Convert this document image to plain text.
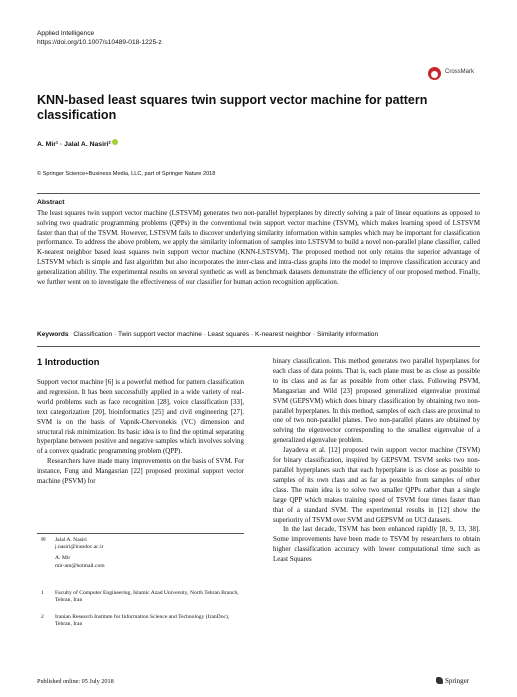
Applied Intelligence
https://doi.org/10.1007/s10489-018-1225-z
CrossMark
KNN-based least squares twin support vector machine for pattern classification
A. Mir¹ · Jalal A. Nasiri²
© Springer Science+Business Media, LLC, part of Springer Nature 2018
Abstract
The least squares twin support vector machine (LSTSVM) generates two non-parallel hyperplanes by directly solving a pair of linear equations as opposed to solving two quadratic programming problems (QPPs) in the conventional twin support vector machine (TSVM), which makes learning speed of LSTSVM faster than that of the TSVM. However, LSTSVM fails to discover underlying similarity information within samples which may be important for classification performance. To address the above problem, we apply the similarity information of samples into LSTSVM to build a novel non-parallel plane classifier, called K-nearest neighbor based least squares twin support vector machine (KNN-LSTSVM). The proposed method not only retains the superior advantage of LSTSVM which is simple and fast algorithm but also incorporates the inter-class and intra-class graphs into the model to improve classification accuracy and generalization ability. The experimental results on several synthetic as well as benchmark datasets demonstrate the efficiency of our proposed method. Finally, we further went on to investigate the effectiveness of our classifier for human action recognition application.
Keywords Classification · Twin support vector machine · Least squares · K-nearest neighbor · Similarity information
1 Introduction

Support vector machine [6] is a powerful method for pattern classification and regression. It has been successfully applied in a wide variety of real-world problems such as face recognition [28], voice classification [33], text categorization [20], bioinformatics [25] and civil engineering [27]. SVM is on the basis of Vapnik-Chervonekis (VC) dimension and structural risk minimization. Its basic idea is to find the optimal separating hyperplane between positive and negative samples which involves solving of a convex quadratic programming problem (QPP).

Researchers have made many improvements on the basis of SVM. For instance, Fung and Mangasrian [22] proposed proximal support vector machine (PSVM) for

binary classification. This method generates two parallel hyperplanes for each class of data points. That is, each plane must be as close as possible to its class and as far as possible from other class. Following PSVM, Mangasrian and Wild [23] proposed generalized eigenvalue proximal SVM (GEPSVM) which does binary classification by obtaining two non-parallel hyperplanes. In this method, samples of each class are proximal to one of two non-parallel planes. Two non-parallel planes are obtained by solving the eigenvector corresponding to the smallest eigenvalue of a generalized eigenvalue problem.

Jayadeva et al. [12] proposed twin support vector machine (TSVM) for binary classification, inspired by GEPSVM. TSVM seeks two non-parallel hyperplanes such that each hyperplane is as close as possible to samples of its own class and as far as possible from samples of other class. The main idea is to solve two smaller QPPs rather than a single large QPP which makes training speed of TSVM four times faster than that of a standard SVM. The experimental results in [12] show the superiority of TSVM over SVM and GEPSVM on UCI datasets.

In the last decade, TSVM has been enhanced rapidly [8, 9, 13, 38]. Some improvements have been made to TSVM by researchers to obtain higher classification accuracy with lower computational time such as Least Squares

✉ Jalal A. Nasiri
j.nasiri@irandoc.ac.ir
A. Mir
mir-am@hotmail.com
1 Faculty of Computer Engineering, Islamic Azad University, North Tehran Branch, Tehran, Iran
2 Iranian Research Institute for Information Science and Technology (IranDoc), Tehran, Iran
Published online: 05 July 2018	Springer
